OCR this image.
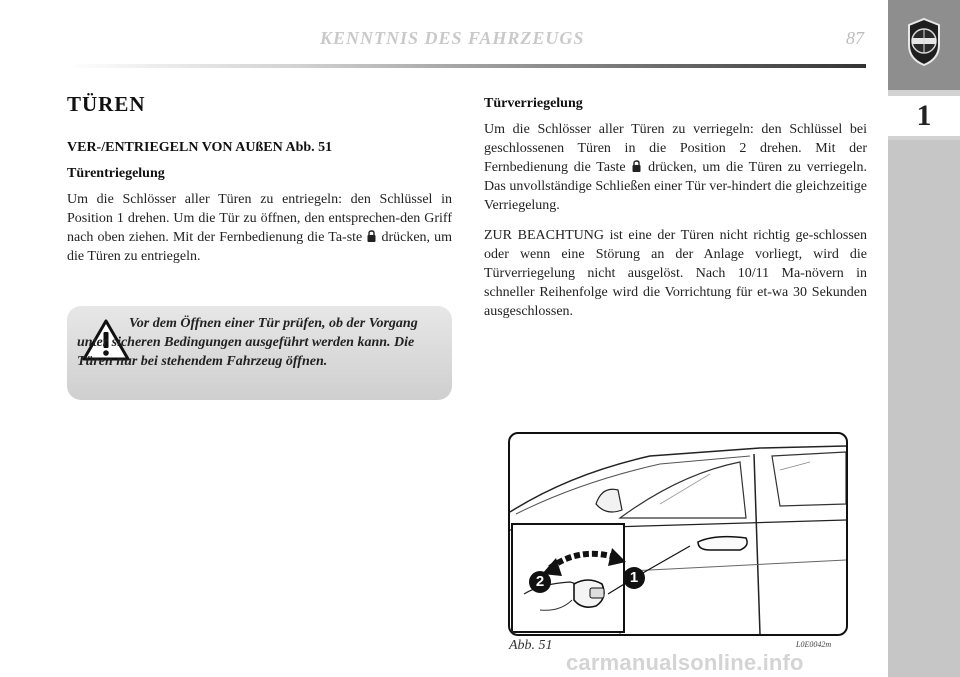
KENNTNIS DES FAHRZEUGS	87
1
TÜREN
VER-/ENTRIEGELN VON AUßEN Abb. 51
Türentriegelung

Um die Schlösser aller Türen zu entriegeln: den Schlüssel in Position 1 drehen. Um die Tür zu öffnen, den entsprechen-den Griff nach oben ziehen. Mit der Fernbedienung die Ta-ste drücken, um die Türen zu entriegeln.

Vor dem Öffnen einer Tür prüfen, ob der Vorgang unter sicheren Bedingungen ausgeführt werden kann. Die Türen nur bei stehendem Fahrzeug öffnen.
Türverriegelung

Um die Schlösser aller Türen zu verriegeln: den Schlüssel bei geschlossenen Türen in die Position 2 drehen. Mit der Fernbedienung die Taste drücken, um die Türen zu verriegeln. Das unvollständige Schließen einer Tür ver-hindert die gleichzeitige Verriegelung.

ZUR BEACHTUNG ist eine der Türen nicht richtig ge-schlossen oder wenn eine Störung an der Anlage vorliegt, wird die Türverriegelung nicht ausgelöst. Nach 10/11 Ma-növern in schneller Reihenfolge wird die Vorrichtung für et-wa 30 Sekunden ausgeschlossen.

2	1
Abb. 51	L0E0042m
carmanualsonline.info
